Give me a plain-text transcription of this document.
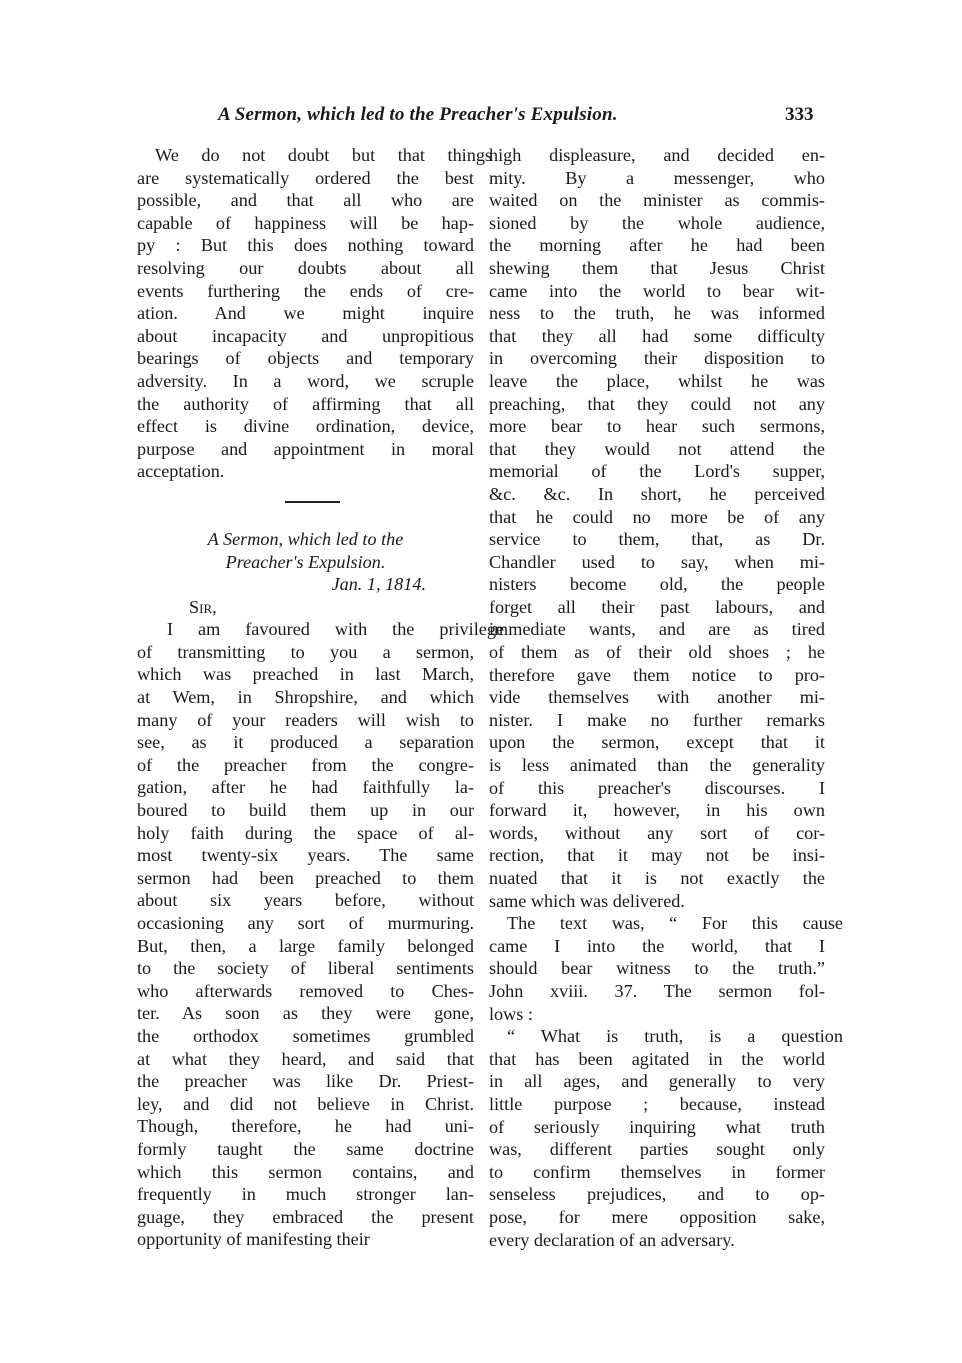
A Sermon, which led to the Preacher's Expulsion.	333
We do not doubt but that things
are systematically ordered the best
possible, and that all who are
capable of happiness will be hap-
py : But this does nothing toward
resolving our doubts about all
events furthering the ends of cre-
ation. And we might inquire
about incapacity and unpropitious
bearings of objects and temporary
adversity. In a word, we scruple
the authority of affirming that all
effect is divine ordination, device,
purpose and appointment in moral
acceptation.
A Sermon, which led to the
Preacher's Expulsion.
Jan. 1, 1814.
Sir,
I am favoured with the privilege
of transmitting to you a sermon,
which was preached in last March,
at Wem, in Shropshire, and which
many of your readers will wish to
see, as it produced a separation
of the preacher from the congre-
gation, after he had faithfully la-
boured to build them up in our
holy faith during the space of al-
most twenty-six years. The same
sermon had been preached to them
about six years before, without
occasioning any sort of murmuring.
But, then, a large family belonged
to the society of liberal sentiments
who afterwards removed to Ches-
ter. As soon as they were gone,
the orthodox sometimes grumbled
at what they heard, and said that
the preacher was like Dr. Priest-
ley, and did not believe in Christ.
Though, therefore, he had uni-
formly taught the same doctrine
which this sermon contains, and
frequently in much stronger lan-
guage, they embraced the present
opportunity of manifesting their
high displeasure, and decided en-
mity. By a messenger, who
waited on the minister as commis-
sioned by the whole audience,
the morning after he had been
shewing them that Jesus Christ
came into the world to bear wit-
ness to the truth, he was informed
that they all had some difficulty
in overcoming their disposition to
leave the place, whilst he was
preaching, that they could not any
more bear to hear such sermons,
that they would not attend the
memorial of the Lord's supper,
&c. &c. In short, he perceived
that he could no more be of any
service to them, that, as Dr.
Chandler used to say, when mi-
nisters become old, the people
forget all their past labours, and
immediate wants, and are as tired
of them as of their old shoes ; he
therefore gave them notice to pro-
vide themselves with another mi-
nister. I make no further remarks
upon the sermon, except that it
is less animated than the generality
of this preacher's discourses. I
forward it, however, in his own
words, without any sort of cor-
rection, that it may not be insi-
nuated that it is not exactly the
same which was delivered.
The text was, “ For this cause
came I into the world, that I
should bear witness to the truth.”
John xviii. 37. The sermon fol-
lows :
“ What is truth, is a question
that has been agitated in the world
in all ages, and generally to very
little purpose ; because, instead
of seriously inquiring what truth
was, different parties sought only
to confirm themselves in former
senseless prejudices, and to op-
pose, for mere opposition sake,
every declaration of an adversary.
